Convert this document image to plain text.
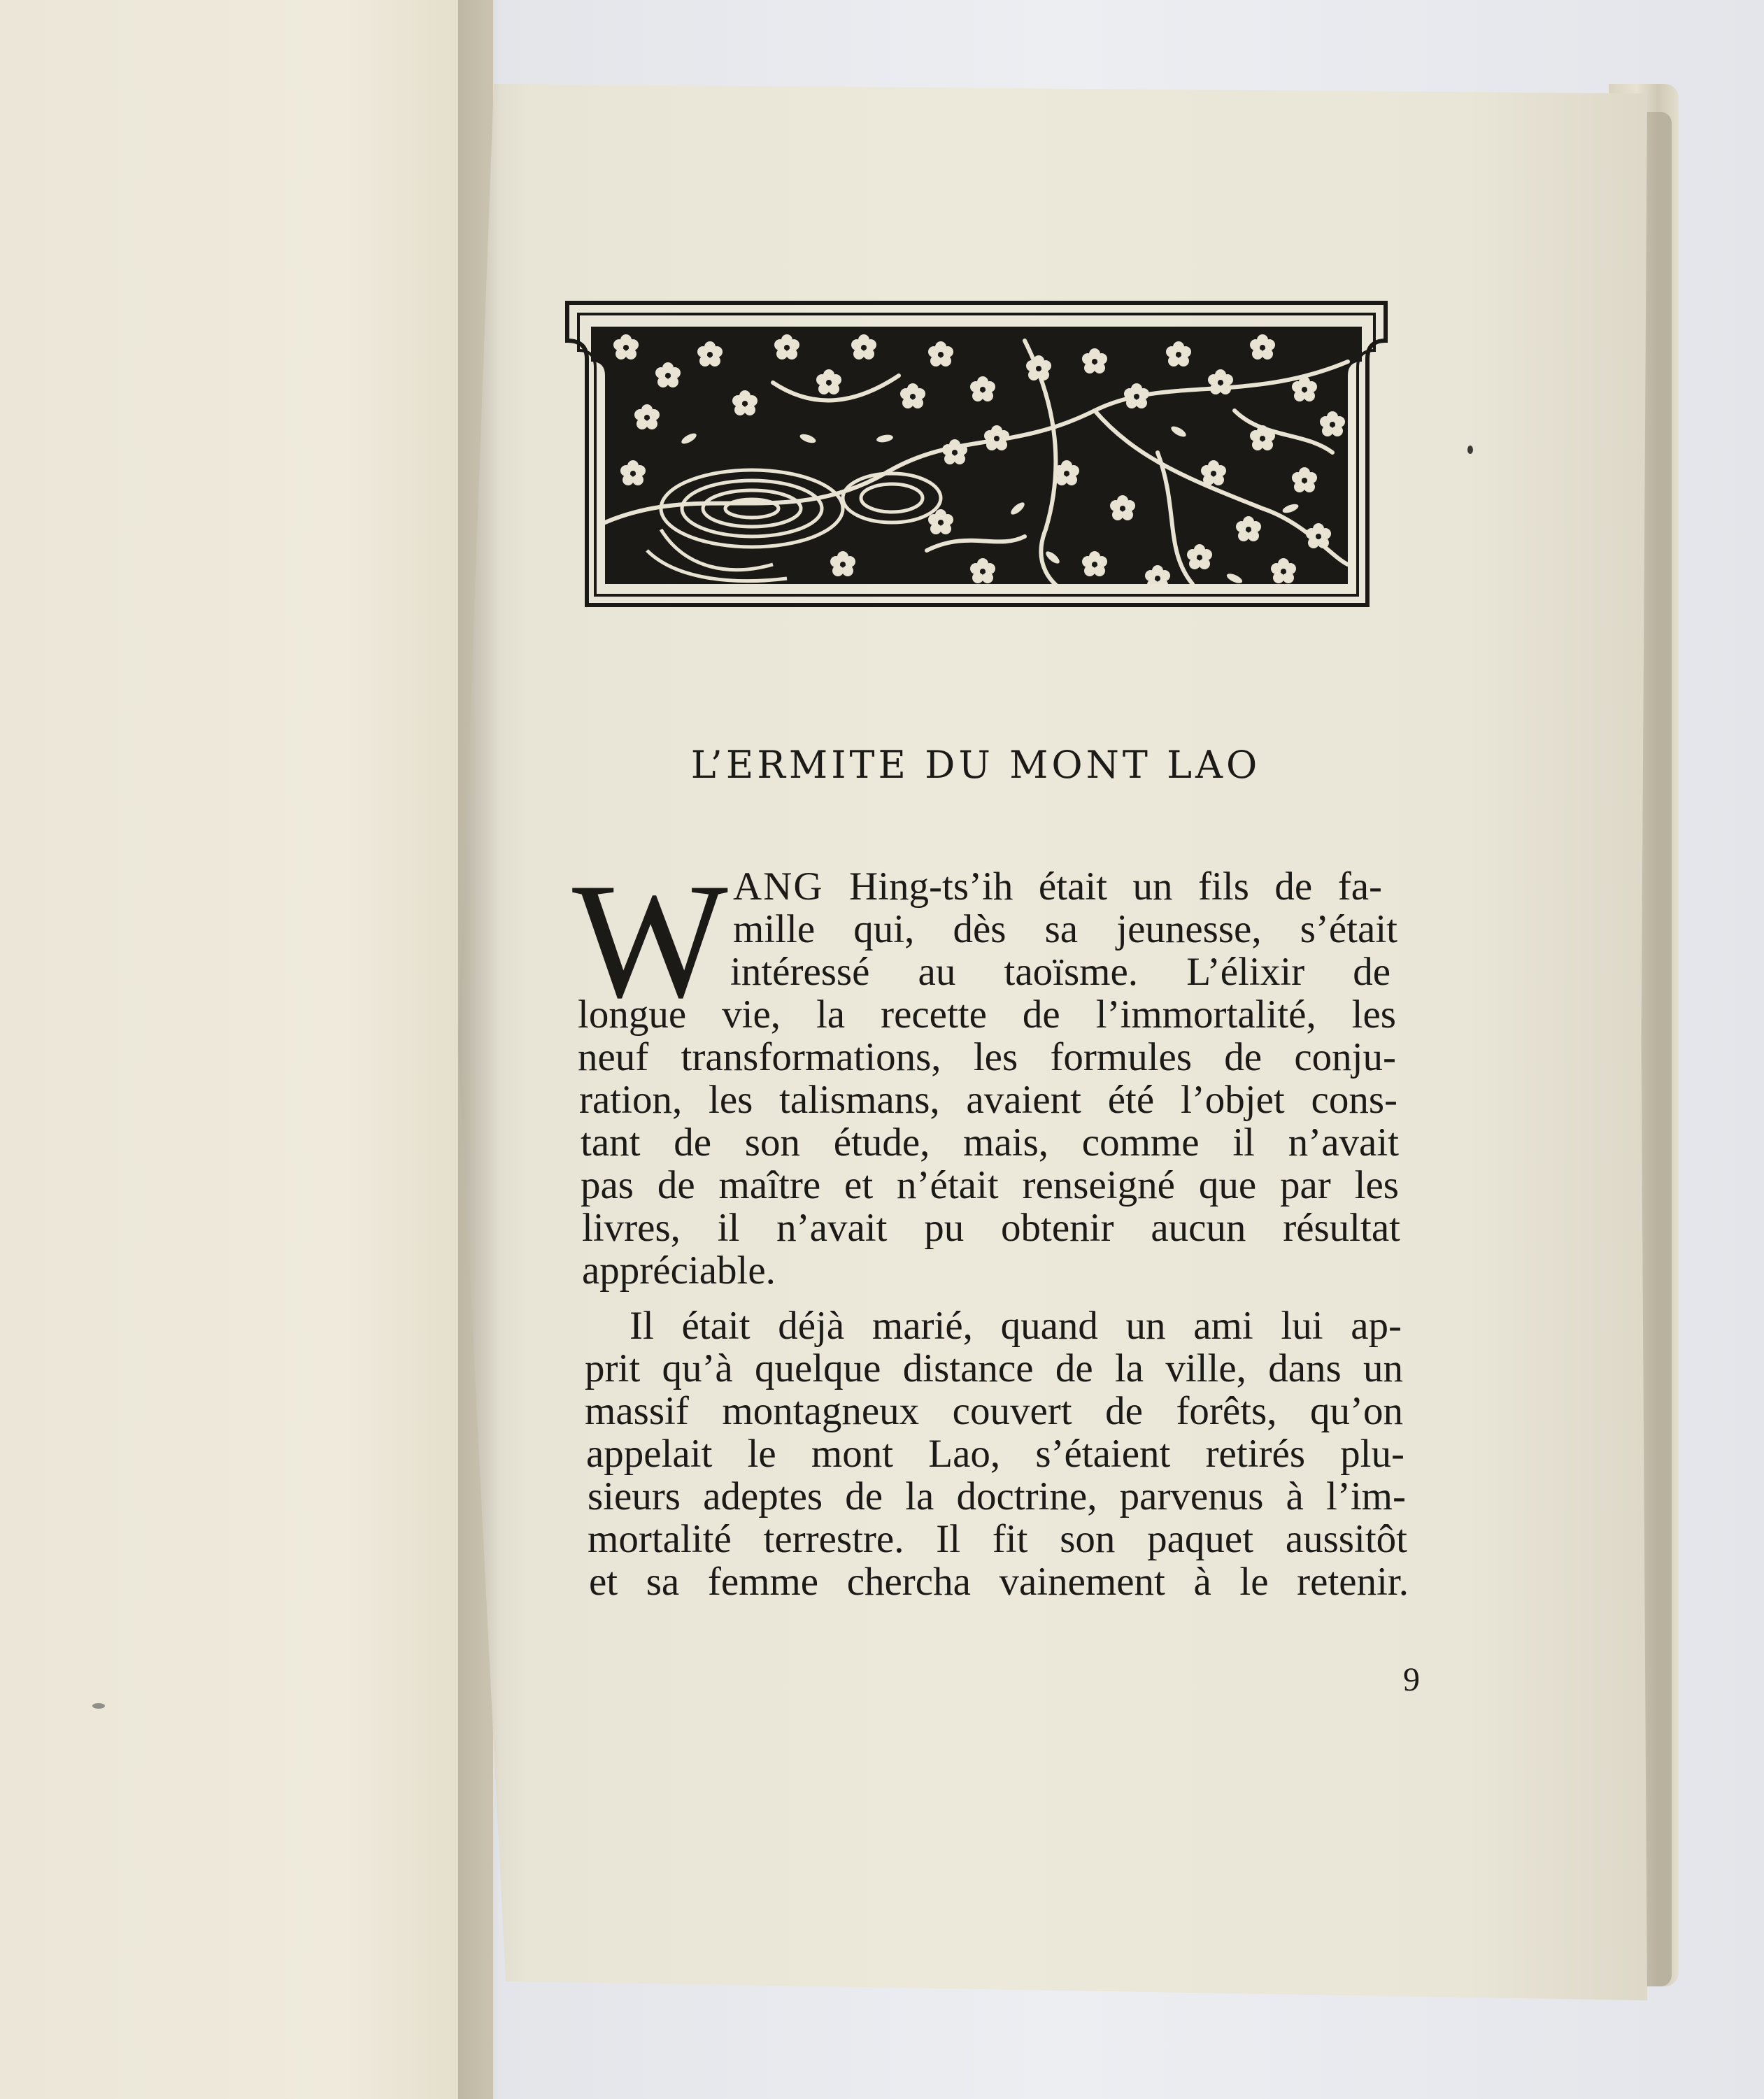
L’ERMITE DU MONT LAO
W ANG Hing-ts’ih était un fils de fa-
mille qui, dès sa jeunesse, s’était
intéressé au taoïsme. L’élixir de
longue vie, la recette de l’immortalité, les
neuf transformations, les formules de conju-
ration, les talismans, avaient été l’objet cons-
tant de son étude, mais, comme il n’avait
pas de maître et n’était renseigné que par les
livres, il n’avait pu obtenir aucun résultat
appréciable.
Il était déjà marié, quand un ami lui ap-
prit qu’à quelque distance de la ville, dans un
massif montagneux couvert de forêts, qu’on
appelait le mont Lao, s’étaient retirés plu-
sieurs adeptes de la doctrine, parvenus à l’im-
mortalité terrestre. Il fit son paquet aussitôt
et sa femme chercha vainement à le retenir.
9
